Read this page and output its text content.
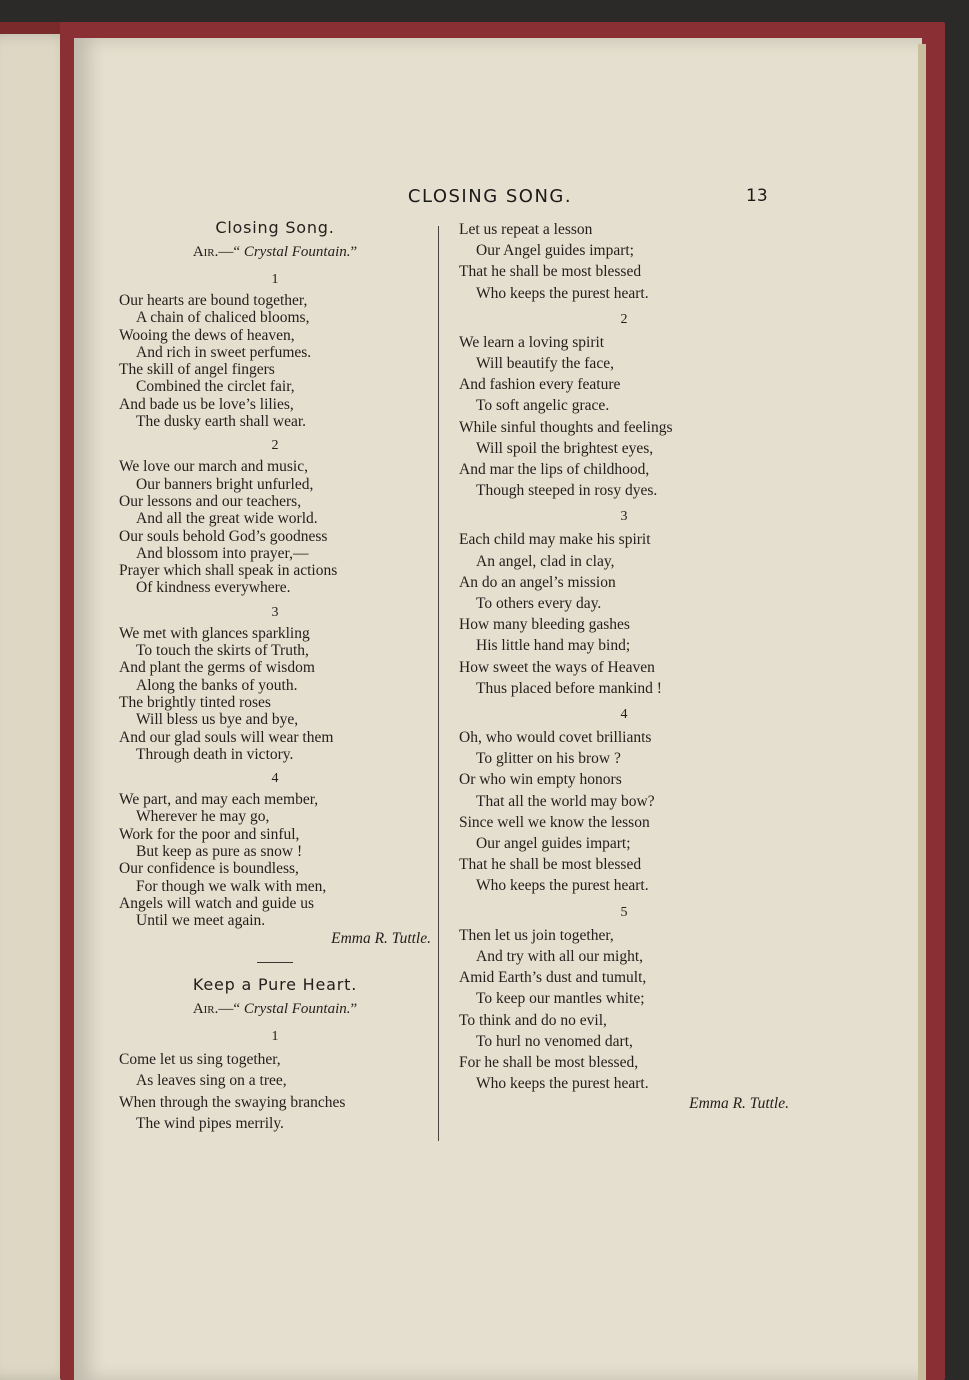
CLOSING SONG.	13

Closing Song.

Air.—“ Crystal Fountain.”

1

Our hearts are bound together,
A chain of chaliced blooms,
Wooing the dews of heaven,
And rich in sweet perfumes.
The skill of angel fingers
Combined the circlet fair,
And bade us be love’s lilies,
The dusky earth shall wear.

2

We love our march and music,
Our banners bright unfurled,
Our lessons and our teachers,
And all the great wide world.
Our souls behold God’s goodness
And blossom into prayer,––
Prayer which shall speak in actions
Of kindness everywhere.

3

We met with glances sparkling
To touch the skirts of Truth,
And plant the germs of wisdom
Along the banks of youth.
The brightly tinted roses
Will bless us bye and bye,
And our glad souls will wear them
Through death in victory.

4

We part, and may each member,
Wherever he may go,
Work for the poor and sinful,
But keep as pure as snow !
Our confidence is boundless,
For though we walk with men,
Angels will watch and guide us
Until we meet again.

Emma R. Tuttle.

Keep a Pure Heart.

Air.––“ Crystal Fountain.”

1

Come let us sing together,
As leaves sing on a tree,
When through the swaying branches
The wind pipes merrily.
Let us repeat a lesson
Our Angel guides impart;
That he shall be most blessed
Who keeps the purest heart.

2

We learn a loving spirit
Will beautify the face,
And fashion every feature
To soft angelic grace.
While sinful thoughts and feelings
Will spoil the brightest eyes,
And mar the lips of childhood,
Though steeped in rosy dyes.

3

Each child may make his spirit
An angel, clad in clay,
An do an angel’s mission
To others every day.
How many bleeding gashes
His little hand may bind;
How sweet the ways of Heaven
Thus placed before mankind !

4

Oh, who would covet brilliants
To glitter on his brow ?
Or who win empty honors
That all the world may bow?
Since well we know the lesson
Our angel guides impart;
That he shall be most blessed
Who keeps the purest heart.

5

Then let us join together,
And try with all our might,
Amid Earth’s dust and tumult,
To keep our mantles white;
To think and do no evil,
To hurl no venomed dart,
For he shall be most blessed,
Who keeps the purest heart.

Emma R. Tuttle.
